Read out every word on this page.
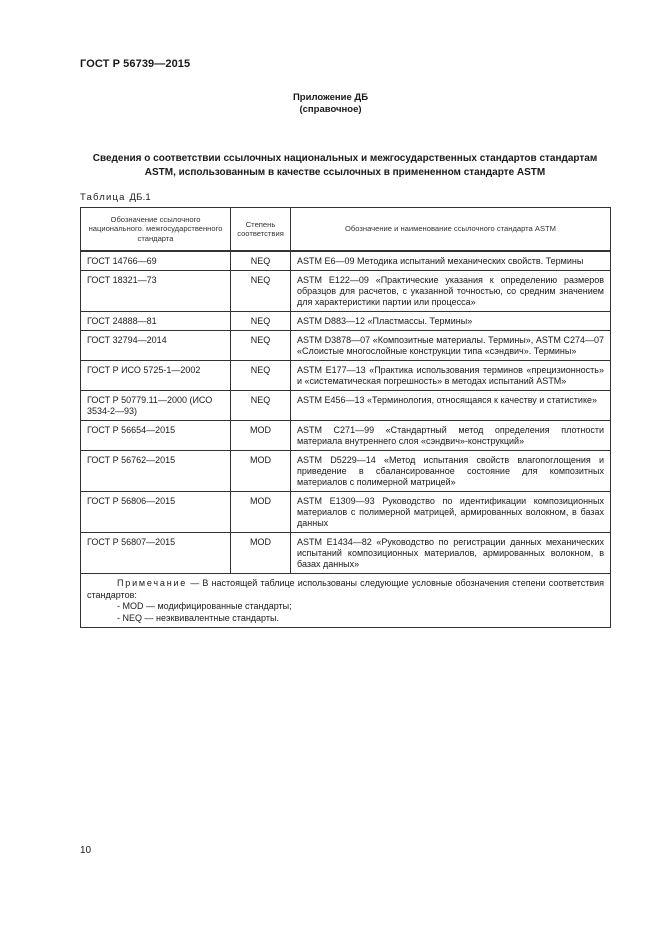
ГОСТ Р 56739—2015
Приложение ДБ
(справочное)
Сведения о соответствии ссылочных национальных и межгосударственных стандартов стандартам ASTM, использованным в качестве ссылочных в примененном стандарте ASTM
Таблица ДБ.1
Обозначение ссылочного национального. межгосударственного стандарта	Степень соответствия	Обозначение и наименование ссылочного стандарта ASTM
ГОСТ 14766—69	NEQ	ASTM E6—09 Методика испытаний механических свойств. Термины
ГОСТ 18321—73	NEQ	ASTM E122—09 «Практические указания к определению размеров образцов для расчетов, с указанной точностью, со средним значением для характеристики партии или процесса»
ГОСТ 24888—81	NEQ	ASTM D883—12 «Пластмассы. Термины»
ГОСТ 32794—2014	NEQ	ASTM D3878—07 «Композитные материалы. Термины», ASTM C274—07 «Слоистые многослойные конструкции типа «сэндвич». Термины»
ГОСТ Р ИСО 5725-1—2002	NEQ	ASTM E177—13 «Практика использования терминов «прецизионность» и «систематическая погрешность» в методах испытаний ASTM»
ГОСТ Р 50779.11—2000 (ИСО 3534-2—93)	NEQ	ASTM E456—13 «Терминология, относящаяся к качеству и статистике»
ГОСТ Р 56654—2015	MOD	ASTM C271—99 «Стандартный метод определения плотности материала внутреннего слоя «сэндвич»-конструкций»
ГОСТ Р 56762—2015	MOD	ASTM D5229—14 «Метод испытания свойств влагопоглощения и приведение в сбалансированное состояние для композитных материалов с полимерной матрицей»
ГОСТ Р 56806—2015	MOD	ASTM E1309—93 Руководство по идентификации композиционных материалов с полимерной матрицей, армированных волокном, в базах данных
ГОСТ Р 56807—2015	MOD	ASTM E1434—82 «Руководство по регистрации данных механических испытаний композиционных материалов, армированных волокном, в базах данных»

Примечание — В настоящей таблице использованы следующие условные обозначения степени соответствия стандартов:
- MOD — модифицированные стандарты;
- NEQ — неэквивалентные стандарты.		
10
